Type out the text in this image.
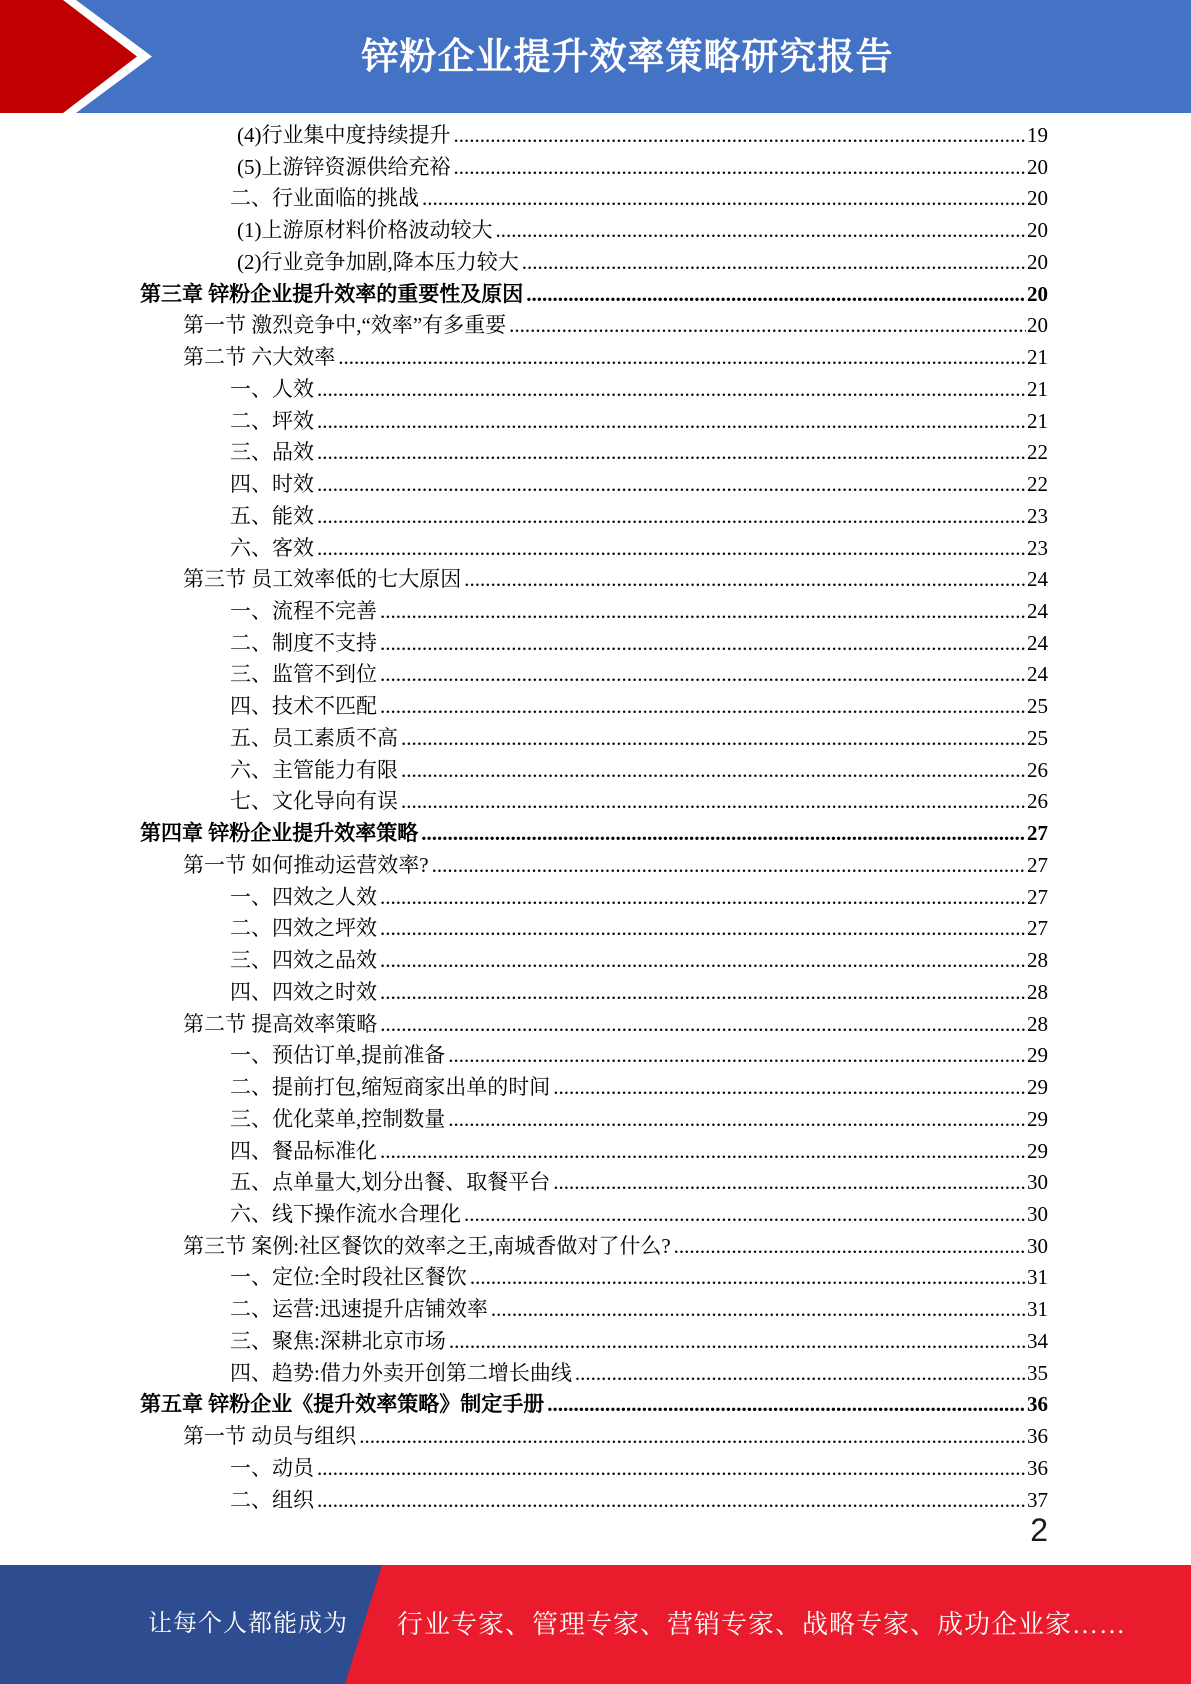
锌粉企业提升效率策略研究报告
(4)行业集中度持续提升 .....	19
(5)上游锌资源供给充裕 .....	20
二、行业面临的挑战 .....	20
(1)上游原材料价格波动较大 .....	20
(2)行业竞争加剧,降本压力较大 .....	20
第三章 锌粉企业提升效率的重要性及原因 .....	20
第一节 激烈竞争中,“效率”有多重要 .....	20
第二节 六大效率 .....	21
一、人效 .....	21
二、坪效 .....	21
三、品效 .....	22
四、时效 .....	22
五、能效 .....	23
六、客效 .....	23
第三节 员工效率低的七大原因 .....	24
一、流程不完善 .....	24
二、制度不支持 .....	24
三、监管不到位 .....	24
四、技术不匹配 .....	25
五、员工素质不高 .....	25
六、主管能力有限 .....	26
七、文化导向有误 .....	26
第四章 锌粉企业提升效率策略 .....	27
第一节 如何推动运营效率? .....	27
一、四效之人效 .....	27
二、四效之坪效 .....	27
三、四效之品效 .....	28
四、四效之时效 .....	28
第二节 提高效率策略 .....	28
一、预估订单,提前准备 .....	29
二、提前打包,缩短商家出单的时间 .....	29
三、优化菜单,控制数量 .....	29
四、餐品标准化 .....	29
五、点单量大,划分出餐、取餐平台 .....	30
六、线下操作流水合理化 .....	30
第三节 案例:社区餐饮的效率之王,南城香做对了什么? .....	30
一、定位:全时段社区餐饮 .....	31
二、运营:迅速提升店铺效率 .....	31
三、聚焦:深耕北京市场 .....	34
四、趋势:借力外卖开创第二增长曲线 .....	35
第五章 锌粉企业《提升效率策略》制定手册 .....	36
第一节 动员与组织 .....	36
一、动员 .....	36
二、组织 .....	37
2
让每个人都能成为 行业专家、管理专家、营销专家、战略专家、成功企业家……
